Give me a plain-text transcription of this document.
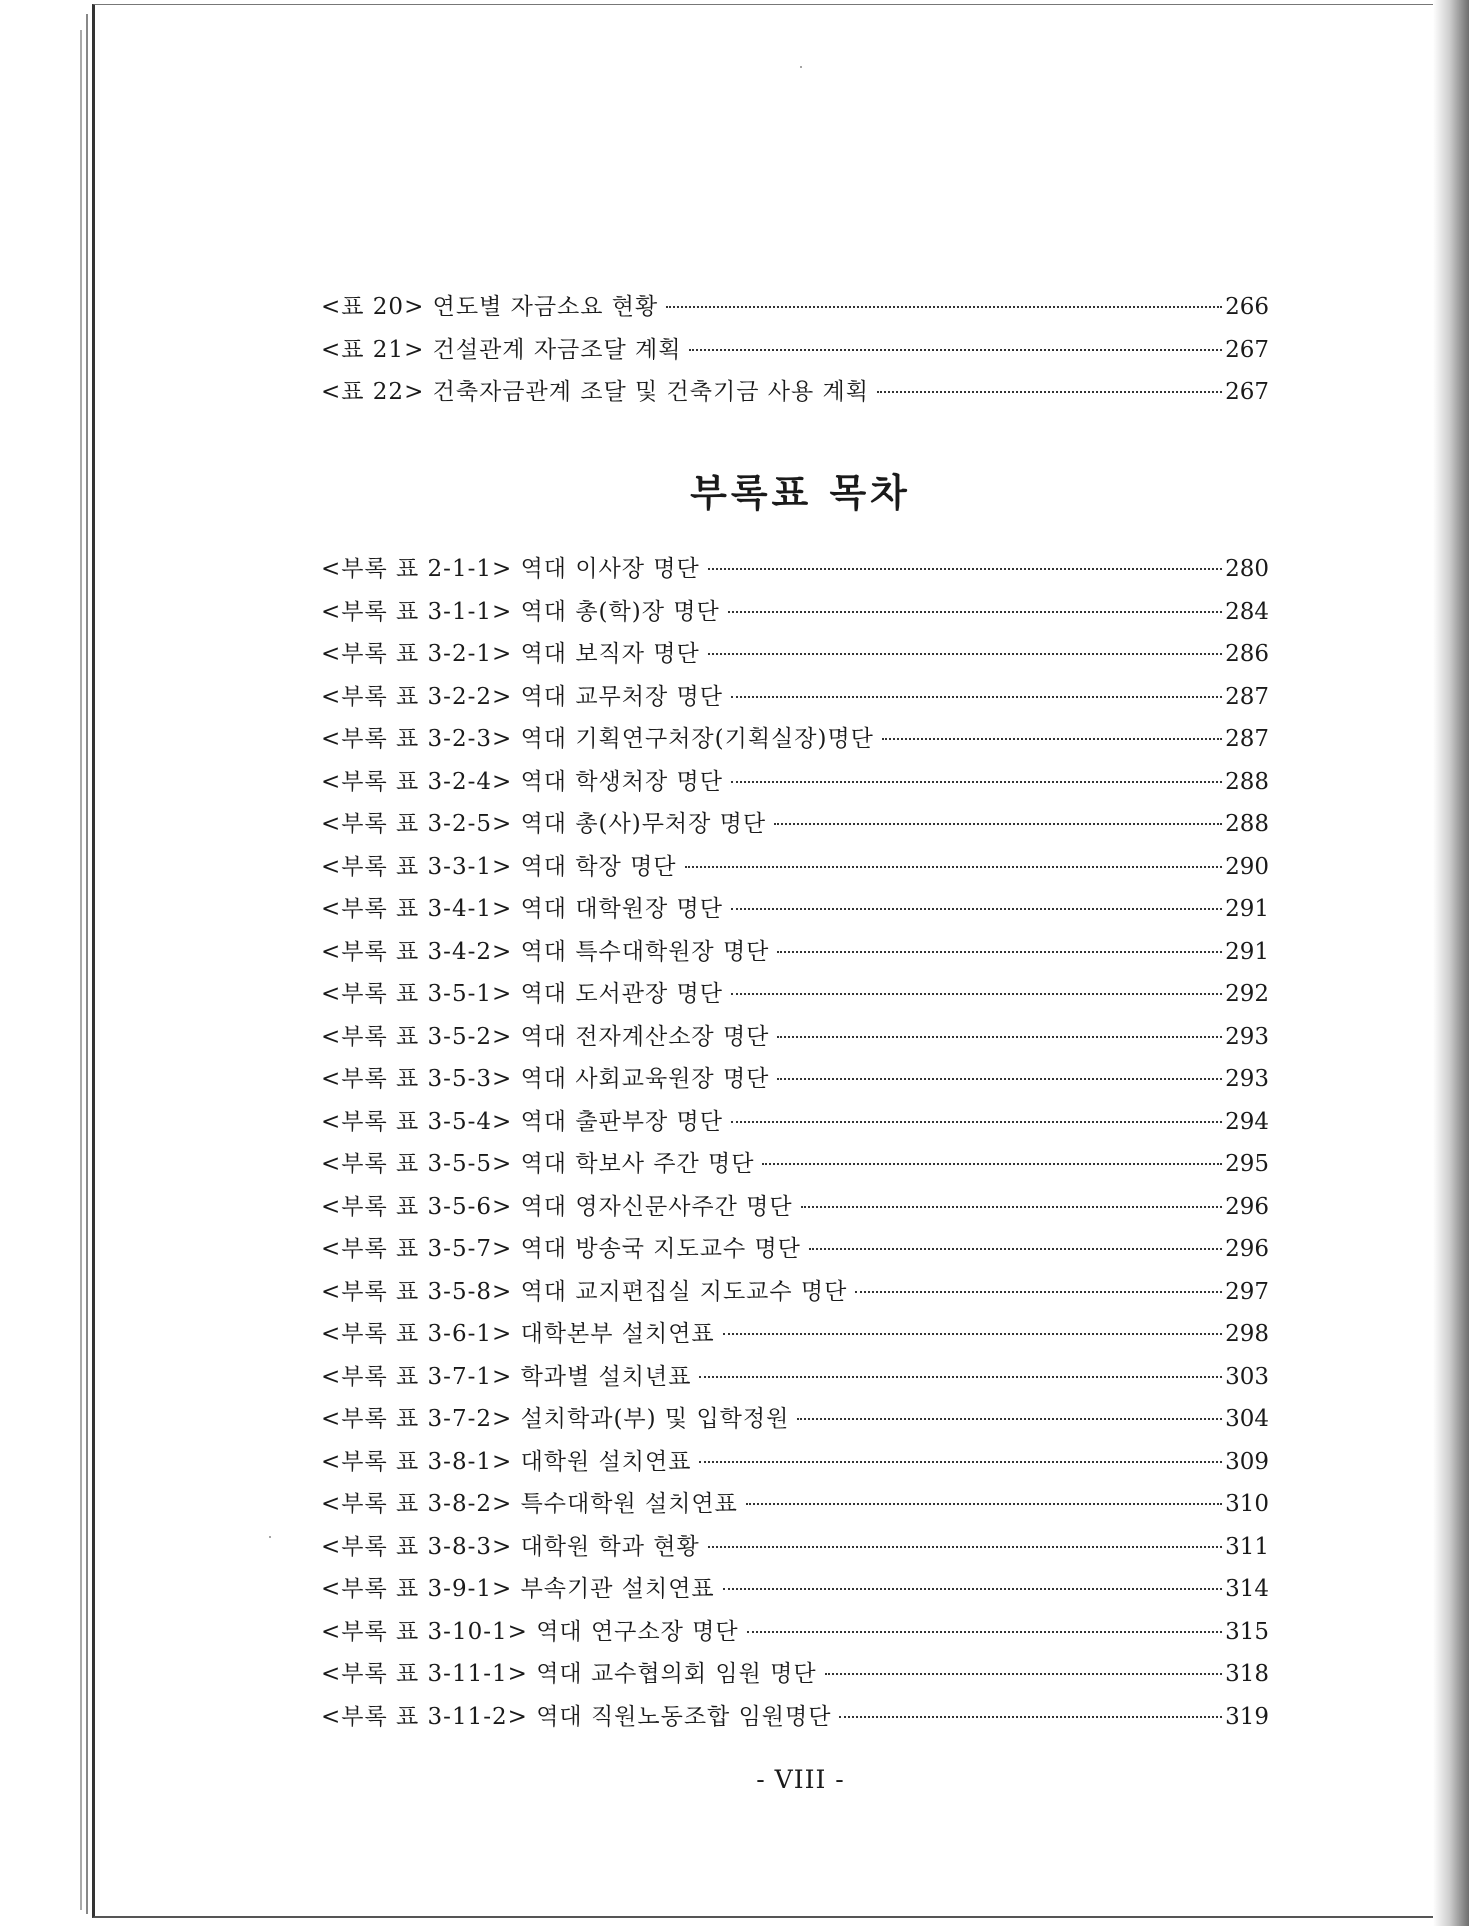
<표 20> 연도별 자금소요 현황	266
<표 21> 건설관계 자금조달 계획	267
<표 22> 건축자금관계 조달 및 건축기금 사용 계획	267
부록표 목차
<부록 표 2-1-1> 역대 이사장 명단	280
<부록 표 3-1-1> 역대 총(학)장 명단	284
<부록 표 3-2-1> 역대 보직자 명단	286
<부록 표 3-2-2> 역대 교무처장 명단	287
<부록 표 3-2-3> 역대 기획연구처장(기획실장)명단	287
<부록 표 3-2-4> 역대 학생처장 명단	288
<부록 표 3-2-5> 역대 총(사)무처장 명단	288
<부록 표 3-3-1> 역대 학장 명단	290
<부록 표 3-4-1> 역대 대학원장 명단	291
<부록 표 3-4-2> 역대 특수대학원장 명단	291
<부록 표 3-5-1> 역대 도서관장 명단	292
<부록 표 3-5-2> 역대 전자계산소장 명단	293
<부록 표 3-5-3> 역대 사회교육원장 명단	293
<부록 표 3-5-4> 역대 출판부장 명단	294
<부록 표 3-5-5> 역대 학보사 주간 명단	295
<부록 표 3-5-6> 역대 영자신문사주간 명단	296
<부록 표 3-5-7> 역대 방송국 지도교수 명단	296
<부록 표 3-5-8> 역대 교지편집실 지도교수 명단	297
<부록 표 3-6-1> 대학본부 설치연표	298
<부록 표 3-7-1> 학과별 설치년표	303
<부록 표 3-7-2> 설치학과(부) 및 입학정원	304
<부록 표 3-8-1> 대학원 설치연표	309
<부록 표 3-8-2> 특수대학원 설치연표	310
<부록 표 3-8-3> 대학원 학과 현황	311
<부록 표 3-9-1> 부속기관 설치연표	314
<부록 표 3-10-1> 역대 연구소장 명단	315
<부록 표 3-11-1> 역대 교수협의회 임원 명단	318
<부록 표 3-11-2> 역대 직원노동조합 임원명단	319
- VIII -
